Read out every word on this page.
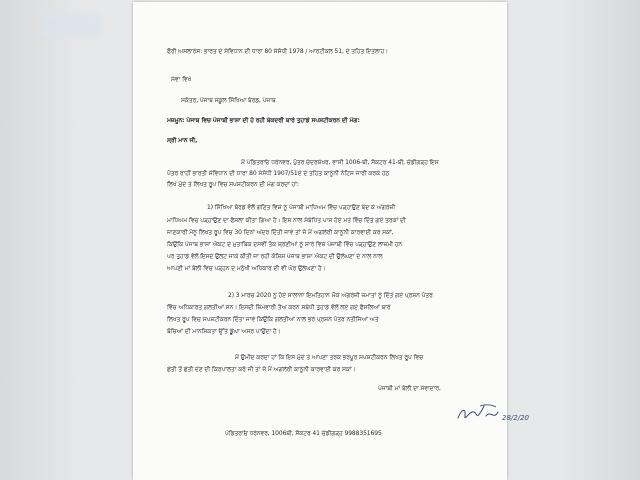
ਫੌਰੀ ਅਸਲਾਰੇਸ: ਭਾਰਤ ਦੇ ਸੰਵਿਧਾਨ ਦੀ ਧਾਰਾ 80 ਸੰਸੋਧੀ 1978 / ਆਰਟੀਕਲ 51, ਦੇ ਤਹਿਤ ਇਤਲਾਹ।
ਸੇਵਾ ਵਿਖੇ
ਸਕੱਤਰ, ਪੰਜਾਬ ਸਕੂਲ ਸਿੱਖਿਆ ਬੋਰਡ, ਪੰਜਾਬ
ਮਜ਼ਮੂਨ: ਪੰਜਾਬ ਵਿਚ ਪੰਜਾਬੀ ਭਾਸ਼ਾ ਦੀ ਹੋ ਰਹੀ ਬੇਕਦਰੀ ਬਾਰੇ ਤੁਹਾਡੇ ਸਪਸ਼ਟੀਕਰਨ ਦੀ ਮੰਗ:
ਸ੍ਰੀ ਮਾਨ ਜੀ,
ਮੈਂ ਪੰਡਿਤਰਾਓ ਧਰੇਨਵਰ, ਪੁੱਤਰ ਚੰਦਰਸ਼ੇਖਰ, ਵਾਸੀ 1006-ਬੀ, ਸੈਕਟਰ 41-ਬੀ, ਚੰਡੀਗੜ੍ਹ ਇਸ
ਪੱਤਰ ਰਾਹੀਂ ਭਾਰਤੀ ਸੰਵਿਧਾਨ ਦੀ ਧਾਰਾ 80 ਸੰਸੋਧੀ 1907/51ਏ ਦੇ ਤਹਿਤ ਕਾਨੂੰਨੀ ਨੋਟਿਸ ਜਾਰੀ ਕਰਕੇ ਹੇਠ
ਲਿਖੇ ਮੁੱਦੇ ਤੇ ਲਿਖਤ ਰੂਪ ਵਿਚ ਸਪਸ਼ਟੀਕਰਨ ਦੀ ਮੰਗ ਕਰਦਾ ਹਾਂ:
1) ਸਿੱਖਿਆ ਬੋਰਡ ਵੱਲੋਂ ਗਣਿਤ ਵਿਸ਼ੇ ਨੂੰ ਪੰਜਾਬੀ ਮਾਧਿਅਮ ਵਿੱਚ ਪੜ੍ਹਾਉਣ ਬੰਦ ਕੇ ਅੰਗਰੇਜ਼ੀ
ਮਾਧਿਅਮ ਵਿਚ ਪੜ੍ਹਾਉਣ ਦਾ ਫੈਸਲਾ ਕੀਤਾ ਗਿਆ ਹੈ। ਇਸ ਨਾਲ ਸੰਬੰਧਿਤ ਪਾਸ ਹੋਏ ਮਤੇ ਵਿੱਚ ਦਿੱਤੇ ਗਏ ਤਰਕਾਂ ਦੀ
ਜਾਣਕਾਰੀ ਮੈਨੂੰ ਲਿਖਤ ਰੂਪ ਵਿਚ 30 ਦਿਨਾਂ ਅੰਦਰ ਦਿੱਤੀ ਜਾਵੇ ਤਾਂ ਜੋ ਮੈਂ ਅਗਲੇਰੀ ਕਾਨੂੰਨੀ ਕਾਰਵਾਈ ਕਰ ਸਕਾਂ,
ਕਿਉਂਕਿ ਪੰਜਾਬ ਭਾਸ਼ਾ ਐਕਟ ਦੇ ਮੁਤਾਬਿਕ ਦਸਵੀਂ ਤੱਕ ਸ਼੍ਰੇਣੀਆਂ ਨੂੰ ਸਾਰੇ ਵਿਸ਼ੇ ਪੰਜਾਬੀ ਵਿੱਚ ਪੜ੍ਹਾਉਣੇ ਲਾਜ਼ਮੀ ਹਨ
ਪਰ ਤੁਹਾਡੇ ਵੱਲੋਂ ਇਸਦੇ ਉਲਟ ਜਾਕੇ ਕੀਤੀ ਜਾ ਰਹੀ ਕੋਸ਼ਿਸ਼ ਪੰਜਾਬ ਭਾਸ਼ਾ ਐਕਟ ਦੀ ਉਲੰਘਣਾ ਦੇ ਨਾਲ ਨਾਲ
ਆਪਣੀ ਮਾਂ ਬੋਲੀ ਵਿਚ ਪੜ੍ਹਨ ਦੇ ਮਨੁੱਖੀ ਅਧਿਕਾਰ ਦੀ ਵੀ ਘੋਰ ਉਲੰਘਣਾ ਹੈ।
2) 3 ਮਾਰਚ 2020 ਨੂੰ ਹੋਏ ਸਾਲਾਨਾ ਇਮਤਿਹਾਨ ਮੌਕੇ ਅੰਗਰੇਜ਼ੀ ਜ਼ਮਾਤਾਂ ਨੂੰ ਦਿੱਤੇ ਗਏ ਪ੍ਰਸ਼ਨ ਪੱਤਰ
ਵਿੱਚ ਅਧਿਕਾਰਤ ਗਲਤੀਆਂ ਸਨ। ਇਸਦੀ ਜ਼ਿੰਮੇਵਾਰੀ ਤੈਅ ਕਰਨ ਸਬੰਧੀ ਤੁਹਾਡੇ ਵੱਲੋਂ ਲਏ ਗਏ ਫੈਸਲਿਆਂ ਬਾਰੇ
ਲਿਖਤ ਰੂਪ ਵਿਚ ਸਪਸ਼ਟੀਕਰਨ ਦਿੱਤਾ ਜਾਵੇ ਕਿਉਂਕਿ ਗਲਤੀਆਂ ਨਾਲ ਭਰੇ ਪ੍ਰਸ਼ਨ ਪੱਤਰ ਨਤੀਜਿਆਂ ਅਤੇ
ਬੱਚਿਆਂ ਦੀ ਮਾਨਸਿਕਤਾ ਉੱਤੇ ਡੂੰਘਾ ਅਸਰ ਪਾਉਂਦਾ ਹੈ।
ਮੈਂ ਉਮੀਦ ਕਰਦਾ ਹਾਂ ਕਿ ਇਸ ਮੁੱਦੇ ਤੇ ਆਪਣਾ ਤਰਕ ਭਰਪੂਰ ਸਪਸ਼ਟੀਕਰਨ ਲਿਖਤ ਰੂਪ ਵਿਚ
ਛੇਤੀ ਤੋਂ ਛੇਤੀ ਦੇਣ ਦੀ ਕਿਰਪਾਲਤਾ ਕਰੋ ਜੀ ਤਾਂ ਜੋ ਮੈਂ ਅਗਲੇਰੀ ਕਾਨੂੰਨੀ ਕਾਰਵਾਈ ਕਰ ਸਕਾਂ।
ਪੰਜਾਬੀ ਮਾਂ ਬੋਲੀ ਦਾ ਸੇਵਾਦਾਰ,
28/2/20
ਪੰਡਿਤਰਾਓ ਧਰੇਨਵਰ, 1006ਬੀ, ਸੈਕਟਰ 41 ਚੰਡੀਗੜ੍ਹ 9988351695
